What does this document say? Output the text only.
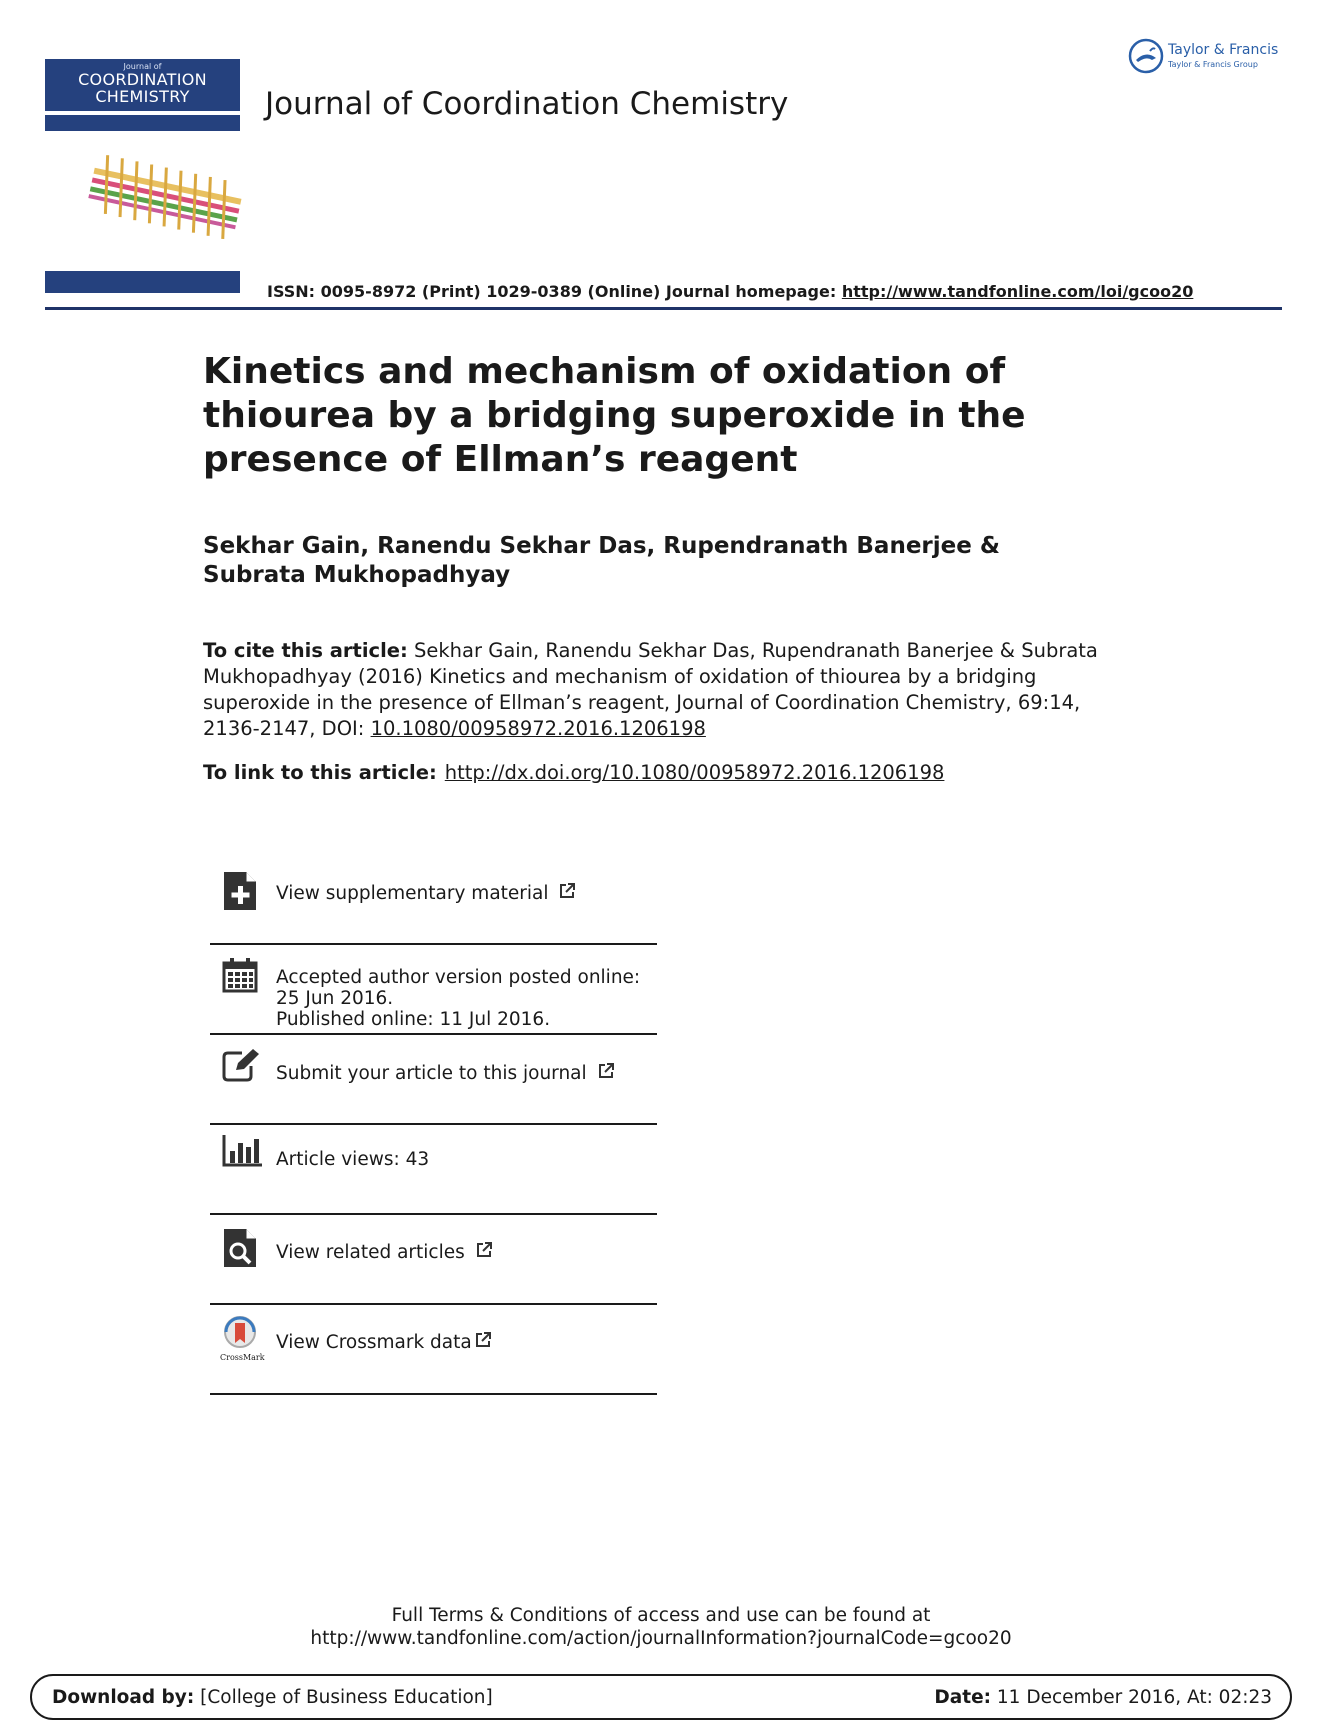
Journal of
COORDINATION
CHEMISTRY	Journal of Coordination Chemistry
Taylor & Francis
Taylor & Francis Group
ISSN: 0095-8972 (Print) 1029-0389 (Online) Journal homepage: http://www.tandfonline.com/loi/gcoo20
Kinetics and mechanism of oxidation of thiourea by a bridging superoxide in the presence of Ellman’s reagent
Sekhar Gain, Ranendu Sekhar Das, Rupendranath Banerjee & Subrata Mukhopadhyay
To cite this article: Sekhar Gain, Ranendu Sekhar Das, Rupendranath Banerjee & Subrata Mukhopadhyay (2016) Kinetics and mechanism of oxidation of thiourea by a bridging superoxide in the presence of Ellman’s reagent, Journal of Coordination Chemistry, 69:14, 2136-2147, DOI: 10.1080/00958972.2016.1206198
To link to this article: http://dx.doi.org/10.1080/00958972.2016.1206198
View supplementary material
Accepted author version posted online: 25 Jun 2016.
Published online: 11 Jul 2016.
Submit your article to this journal
Article views: 43
View related articles
CrossMark
View Crossmark data
Full Terms & Conditions of access and use can be found at
http://www.tandfonline.com/action/journalInformation?journalCode=gcoo20
Download by: [College of Business Education]	Date: 11 December 2016, At: 02:23
